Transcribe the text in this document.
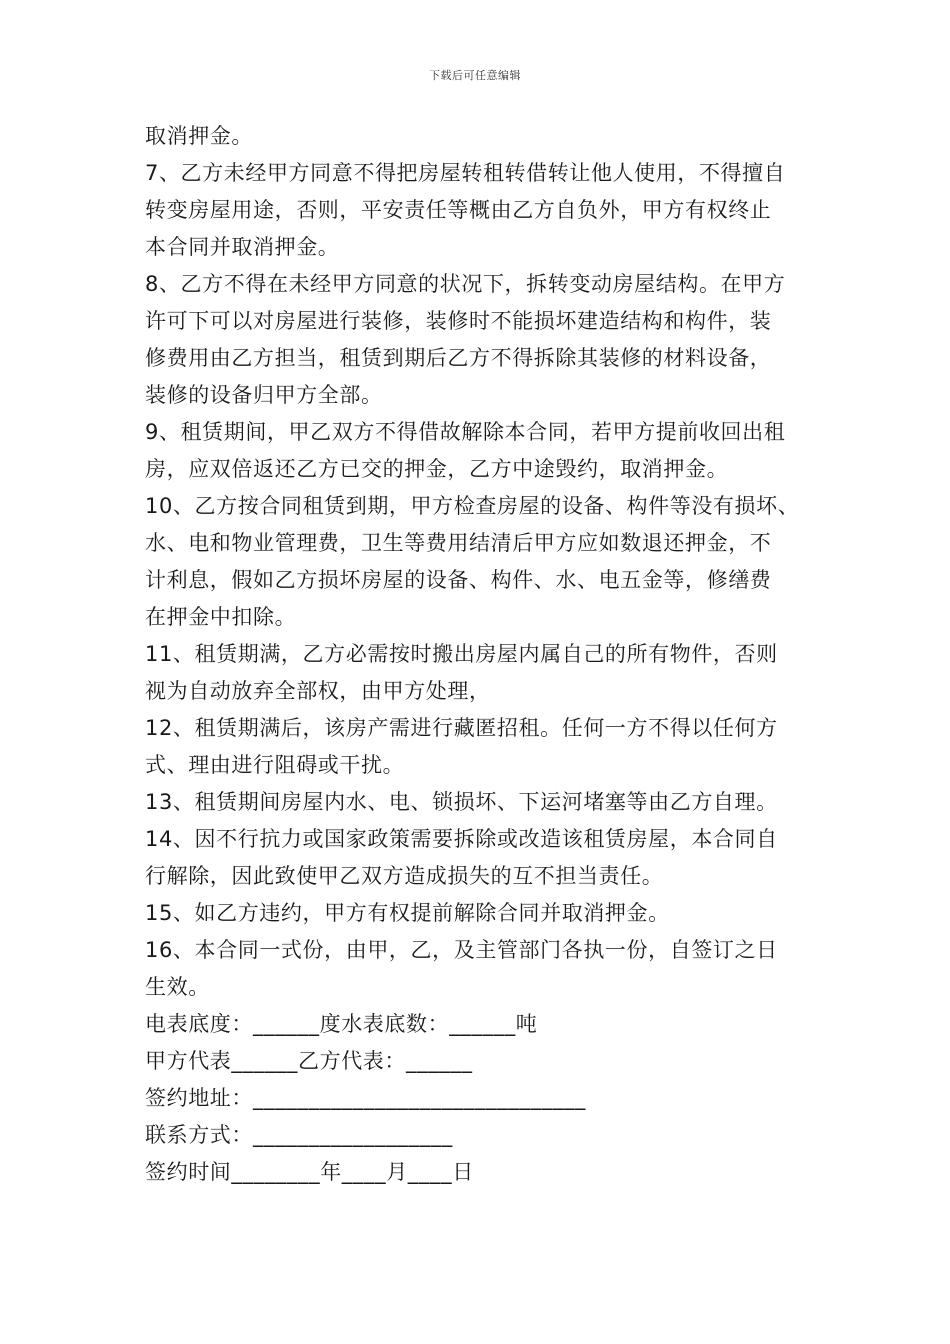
下载后可任意编辑
取消押金。
7、乙方未经甲方同意不得把房屋转租转借转让他人使用，不得擅自
转变房屋用途，否则，平安责任等概由乙方自负外，甲方有权终止
本合同并取消押金。
8、乙方不得在未经甲方同意的状况下，拆转变动房屋结构。在甲方
许可下可以对房屋进行装修，装修时不能损坏建造结构和构件，装
修费用由乙方担当，租赁到期后乙方不得拆除其装修的材料设备，
装修的设备归甲方全部。
9、租赁期间，甲乙双方不得借故解除本合同，若甲方提前收回出租
房，应双倍返还乙方已交的押金，乙方中途毁约，取消押金。
10、乙方按合同租赁到期，甲方检查房屋的设备、构件等没有损坏、
水、电和物业管理费，卫生等费用结清后甲方应如数退还押金，不
计利息，假如乙方损坏房屋的设备、构件、水、电五金等，修缮费
在押金中扣除。
11、租赁期满，乙方必需按时搬出房屋内属自己的所有物件，否则
视为自动放弃全部权，由甲方处理，
12、租赁期满后，该房产需进行藏匿招租。任何一方不得以任何方
式、理由进行阻碍或干扰。
13、租赁期间房屋内水、电、锁损坏、下运河堵塞等由乙方自理。
14、因不行抗力或国家政策需要拆除或改造该租赁房屋，本合同自
行解除，因此致使甲乙双方造成损失的互不担当责任。
15、如乙方违约，甲方有权提前解除合同并取消押金。
16、本合同一式份，由甲，乙，及主管部门各执一份，自签订之日
生效。
电表底度：______度水表底数：______吨
甲方代表______乙方代表：______
签约地址：______________________________
联系方式：__________________
签约时间________年____月____日
